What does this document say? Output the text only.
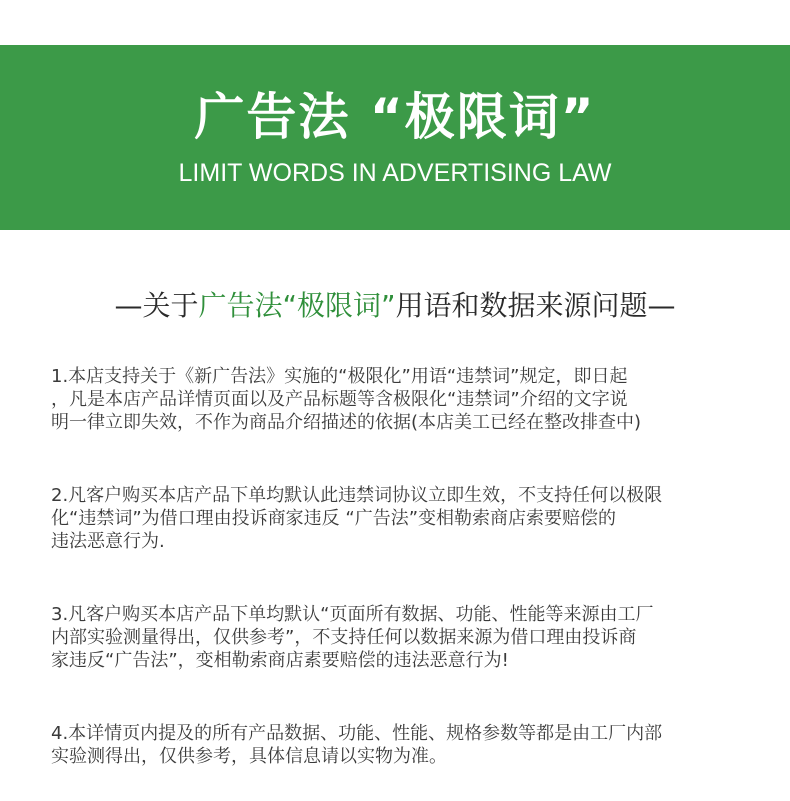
广告法 “极限词”
LIMIT WORDS IN ADVERTISING LAW
—关于广告法“极限词”用语和数据来源问题—
1.本店支持关于《新广告法》实施的“极限化”用语“违禁词”规定，即日起
，凡是本店产品详情页面以及产品标题等含极限化“违禁词”介绍的文字说
明一律立即失效，不作为商品介绍描述的依据(本店美工已经在整改排查中)
2.凡客户购买本店产品下单均默认此违禁词协议立即生效，不支持任何以极限
化“违禁词”为借口理由投诉商家违反 “广告法”变相勒索商店索要赔偿的
违法恶意行为.
3.凡客户购买本店产品下单均默认“页面所有数据、功能、性能等来源由工厂
内部实验测量得出，仅供参考”，不支持任何以数据来源为借口理由投诉商
家违反“广告法”，变相勒索商店素要赔偿的违法恶意行为!
4.本详情页内提及的所有产品数据、功能、性能、规格参数等都是由工厂内部
实验测得出，仅供参考，具体信息请以实物为准。
